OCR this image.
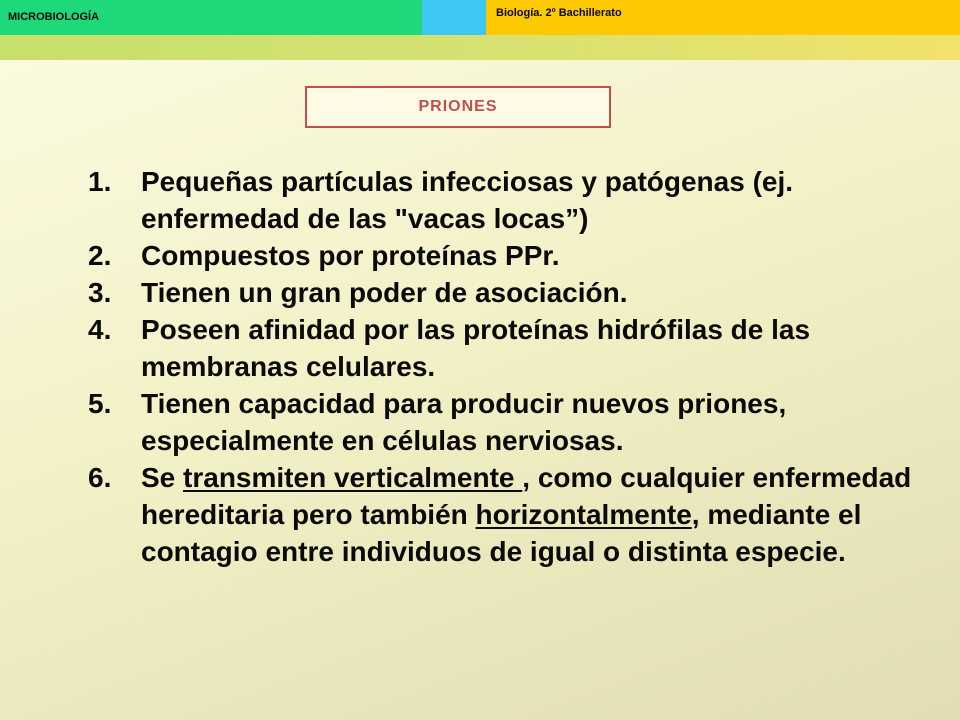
MICROBIOLOGÍA	Biología. 2º Bachillerato
PRIONES
1. Pequeñas partículas infecciosas y patógenas (ej. enfermedad de las "vacas locas”)
2. Compuestos por proteínas PPr.
3. Tienen un gran poder de asociación.
4. Poseen afinidad por las proteínas hidrófilas de las membranas celulares.
5. Tienen capacidad para producir nuevos priones, especialmente en células nerviosas.
6. Se transmiten verticalmente , como cualquier enfermedad hereditaria pero también horizontalmente, mediante el contagio entre individuos de igual o distinta especie.
